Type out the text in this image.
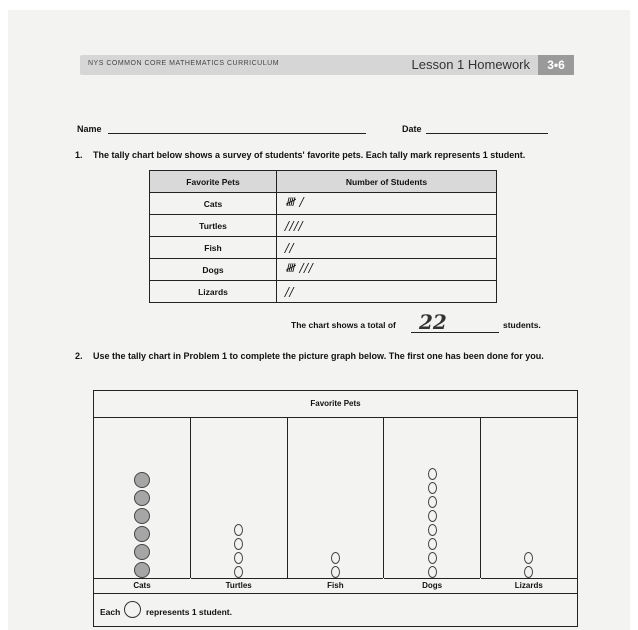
NYS COMMON CORE MATHEMATICS CURRICULUM	Lesson 1 Homework	3•6
Name	Date
1. The tally chart below shows a survey of students' favorite pets. Each tally mark represents 1 student.
Favorite Pets	Number of Students
Cats	𝍸 /
Turtles	////
Fish	//
Dogs	𝍸 ///
Lizards	//
The chart shows a total of 22	students.
2. Use the tally chart in Problem 1 to complete the picture graph below. The first one has been done for you.
Favorite Pets
Each	represents 1 student.
Cats	Turtles	Fish	Dogs	Lizards
